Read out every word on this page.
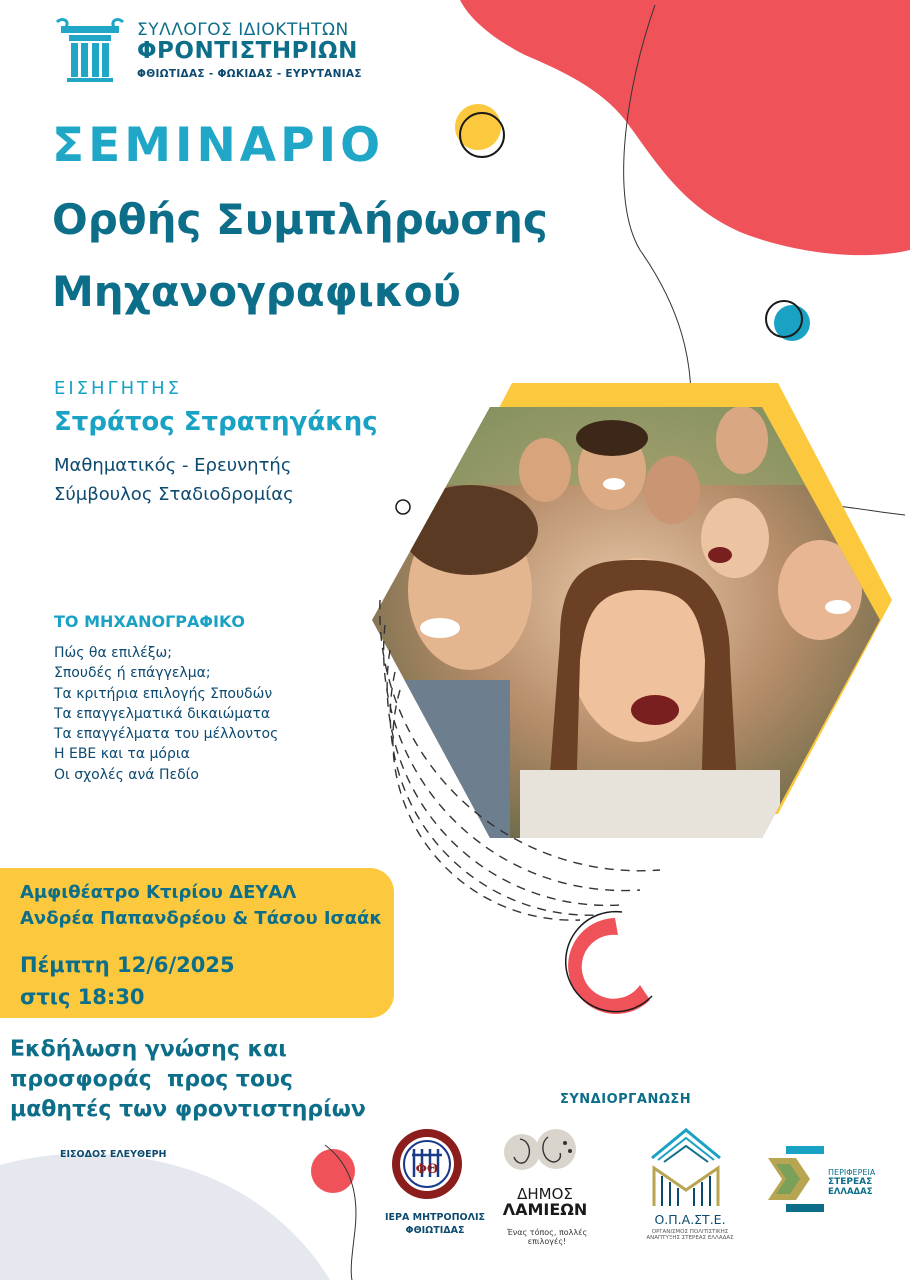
ΣΥΛΛΟΓΟΣ ΙΔΙΟΚΤΗΤΩΝ
ΦΡΟΝΤΙΣΤΗΡΙΩΝ
ΦΘΙΩΤΙΔΑΣ - ΦΩΚΙΔΑΣ - ΕΥΡΥΤΑΝΙΑΣ
ΣΕΜΙΝΑΡΙΟ
Ορθής Συμπλήρωσης
Μηχανογραφικού
ΕΙΣΗΓΗΤΗΣ
Στράτος Στρατηγάκης
Μαθηματικός - Ερευνητής
Σύμβουλος Σταδιοδρομίας
ΤΟ ΜΗΧΑΝΟΓΡΑΦΙΚΟ
Πώς θα επιλέξω;
Σπουδές ή επάγγελμα;
Τα κριτήρια επιλογής Σπουδών
Τα επαγγελματικά δικαιώματα
Τα επαγγέλματα του μέλλοντος
Η ΕΒΕ και τα μόρια
Οι σχολές ανά Πεδίο
Αμφιθέατρο Κτιρίου ΔΕΥΑΛ
Ανδρέα Παπανδρέου & Τάσου Ισαάκ
Πέμπτη 12/6/2025
στις 18:30
Εκδήλωση γνώσης και
προσφοράς  προς τους
μαθητές των φροντιστηρίων
ΕΙΣΟΔΟΣ ΕΛΕΥΘΕΡΗ
ΣΥΝΔΙΟΡΓΑΝΩΣΗ
ΦΘ
ΙΕΡΑ ΜΗΤΡΟΠΟΛΙΣ
ΦΘΙΩΤΙΔΑΣ
ΔΗΜΟΣ
ΛΑΜΙΕΩΝ
Ένας τόπος, πολλές επιλογές!
Ο.Π.Α.ΣΤ.Ε.
ΟΡΓΑΝΙΣΜΟΣ ΠΟΛΙΤΙΣΤΙΚΗΣ ΑΝΑΠΤΥΞΗΣ ΣΤΕΡΕΑΣ ΕΛΛΑΔΑΣ
ΠΕΡΙΦΕΡΕΙΑ
ΣΤΕΡΕΑΣ
ΕΛΛΑΔΑΣ
